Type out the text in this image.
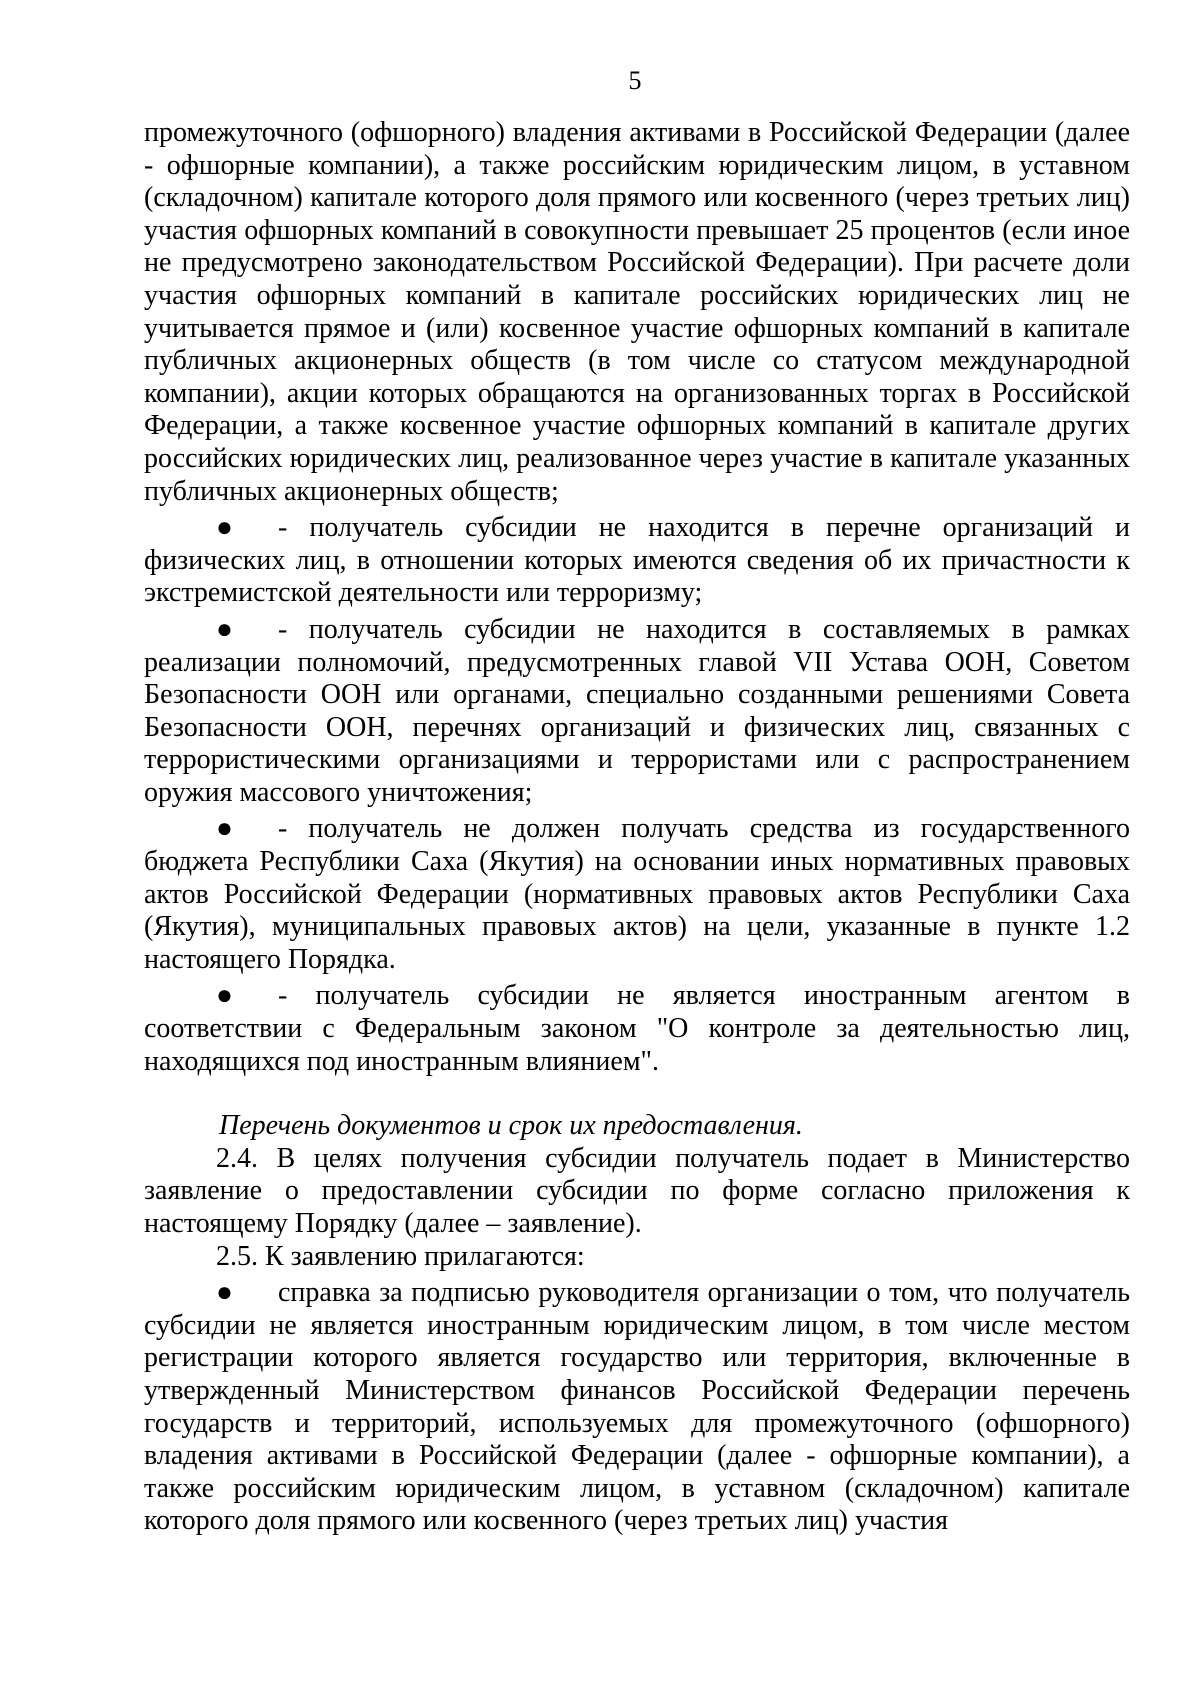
5

промежуточного (офшорного) владения активами в Российской Федерации (далее - офшорные компании), а также российским юридическим лицом, в уставном (складочном) капитале которого доля прямого или косвенного (через третьих лиц) участия офшорных компаний в совокупности превышает 25 процентов (если иное не предусмотрено законодательством Российской Федерации). При расчете доли участия офшорных компаний в капитале российских юридических лиц не учитывается прямое и (или) косвенное участие офшорных компаний в капитале публичных акционерных обществ (в том числе со статусом международной компании), акции которых обращаются на организованных торгах в Российской Федерации, а также косвенное участие офшорных компаний в капитале других российских юридических лиц, реализованное через участие в капитале указанных публичных акционерных обществ;

● - получатель субсидии не находится в перечне организаций и физических лиц, в отношении которых имеются сведения об их причастности к экстремистской деятельности или терроризму;

● - получатель субсидии не находится в составляемых в рамках реализации полномочий, предусмотренных главой VII Устава ООН, Советом Безопасности ООН или органами, специально созданными решениями Совета Безопасности ООН, перечнях организаций и физических лиц, связанных с террористическими организациями и террористами или с распространением оружия массового уничтожения;

● - получатель не должен получать средства из государственного бюджета Республики Саха (Якутия) на основании иных нормативных правовых актов Российской Федерации (нормативных правовых актов Республики Саха (Якутия), муниципальных правовых актов) на цели, указанные в пункте 1.2 настоящего Порядка.

● - получатель субсидии не является иностранным агентом в соответствии с Федеральным законом "О контроле за деятельностью лиц, находящихся под иностранным влиянием".

Перечень документов и срок их предоставления.

2.4. В целях получения субсидии получатель подает в Министерство заявление о предоставлении субсидии по форме согласно приложения к настоящему Порядку (далее – заявление).

2.5. К заявлению прилагаются:

● справка за подписью руководителя организации о том, что получатель субсидии не является иностранным юридическим лицом, в том числе местом регистрации которого является государство или территория, включенные в утвержденный Министерством финансов Российской Федерации перечень государств и территорий, используемых для промежуточного (офшорного) владения активами в Российской Федерации (далее - офшорные компании), а также российским юридическим лицом, в уставном (складочном) капитале которого доля прямого или косвенного (через третьих лиц) участия
